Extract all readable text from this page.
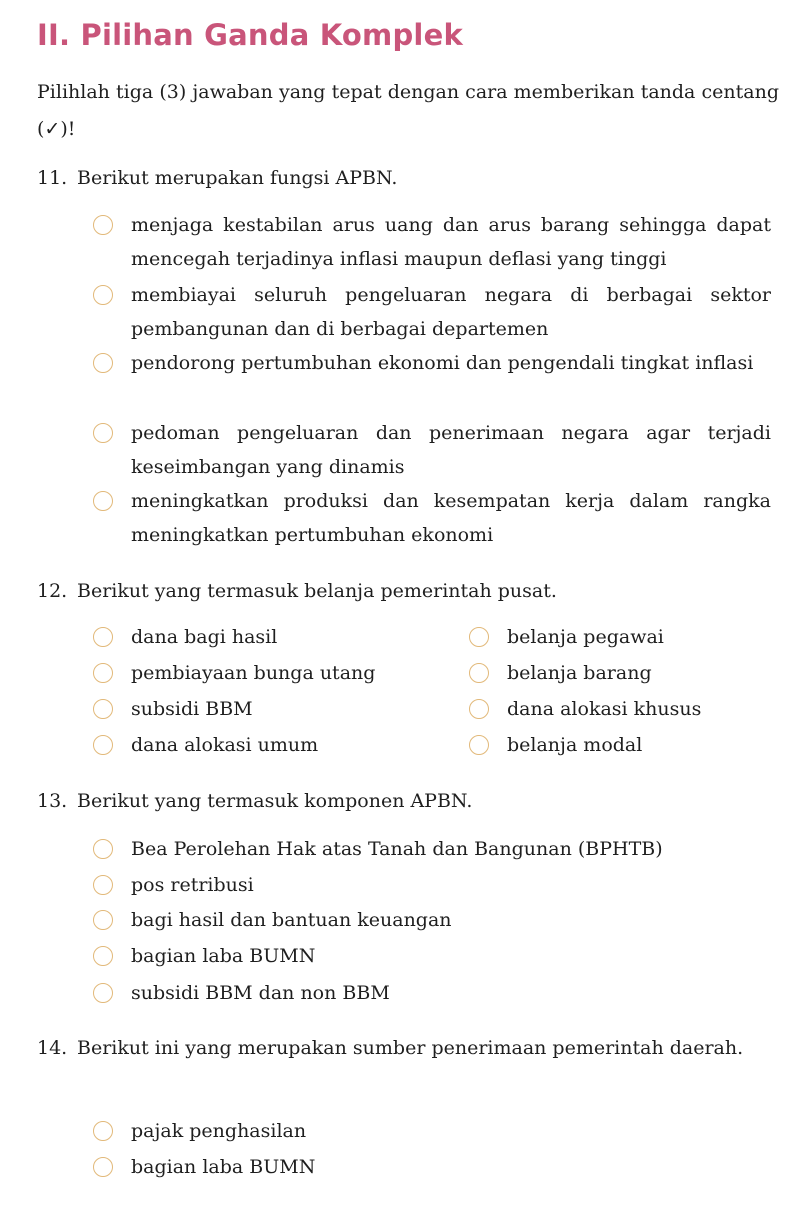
II. Pilihan Ganda Komplek

Pilihlah tiga (3) jawaban yang tepat dengan cara memberikan tanda centang (✓)!

11. Berikut merupakan fungsi APBN.
menjaga kestabilan arus uang dan arus barang sehingga dapat mencegah terjadinya inflasi maupun deflasi yang tinggi
membiayai seluruh pengeluaran negara di berbagai sektor pembangunan dan di berbagai departemen
pendorong pertumbuhan ekonomi dan pengendali tingkat inflasi
pedoman pengeluaran dan penerimaan negara agar terjadi keseimbangan yang dinamis
meningkatkan produksi dan kesempatan kerja dalam rangka meningkatkan pertumbuhan ekonomi
12. Berikut yang termasuk belanja pemerintah pusat.
dana bagi hasil	belanja pegawai
pembiayaan bunga utang	belanja barang
subsidi BBM	dana alokasi khusus
dana alokasi umum	belanja modal
13. Berikut yang termasuk komponen APBN.
Bea Perolehan Hak atas Tanah dan Bangunan (BPHTB)
pos retribusi
bagi hasil dan bantuan keuangan
bagian laba BUMN
subsidi BBM dan non BBM
14. Berikut ini yang merupakan sumber penerimaan pemerintah daerah.
pajak penghasilan
bagian laba BUMN
